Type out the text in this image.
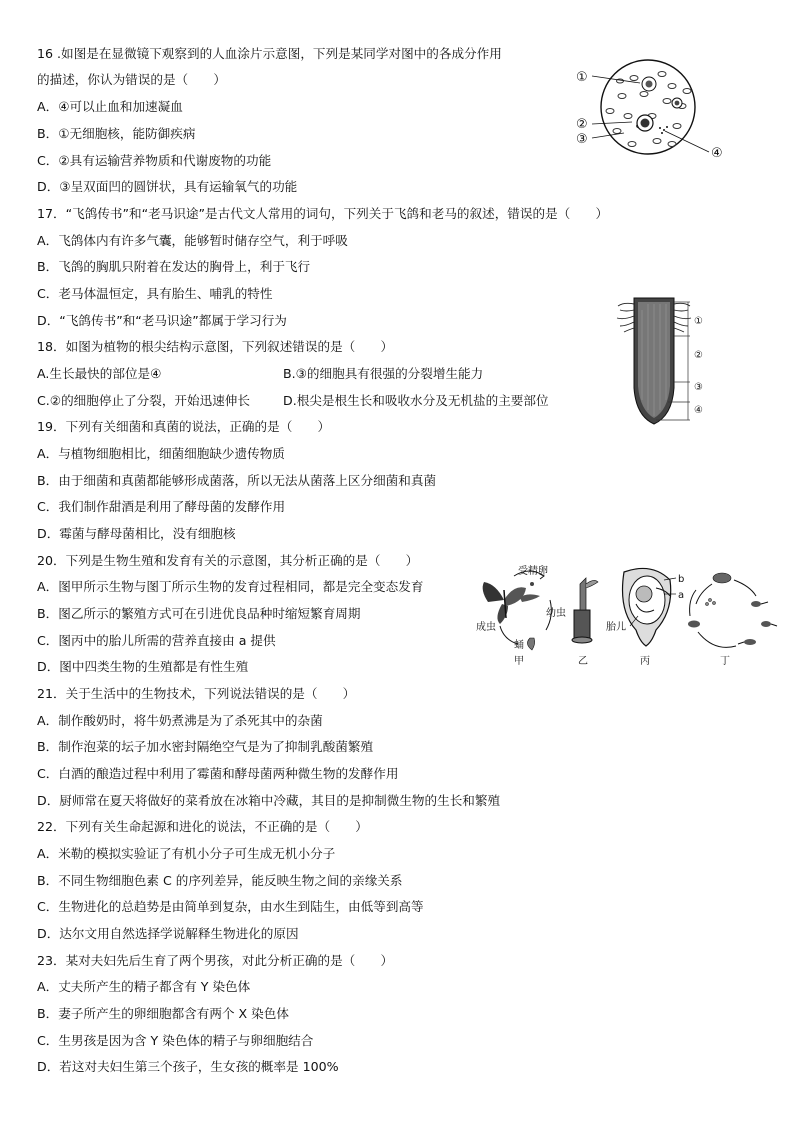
16 .如图是在显微镜下观察到的人血涂片示意图，下列是某同学对图中的各成分作用
的描述，你认为错误的是（　　）
A．④可以止血和加速凝血
B．①无细胞核，能防御疾病
C．②具有运输营养物质和代谢废物的功能
D．③呈双面凹的圆饼状，具有运输氧气的功能
①
②
③
④
17．“飞鸽传书”和“老马识途”是古代文人常用的词句，下列关于飞鸽和老马的叙述，错误的是（　　）
A．飞鸽体内有许多气囊，能够暂时储存空气，利于呼吸
B．飞鸽的胸肌只附着在发达的胸骨上，利于飞行
C．老马体温恒定，具有胎生、哺乳的特性
D．“飞鸽传书”和“老马识途”都属于学习行为	①
②
③
④
18．如图为植物的根尖结构示意图，下列叙述错误的是（　　）
A.生长最快的部位是④	B.③的细胞具有很强的分裂增生能力
C.②的细胞停止了分裂，开始迅速伸长	D.根尖是根生长和吸收水分及无机盐的主要部位
19．下列有关细菌和真菌的说法，正确的是（　　）
A．与植物细胞相比，细菌细胞缺少遗传物质
B．由于细菌和真菌都能够形成菌落，所以无法从菌落上区分细菌和真菌
C．我们制作甜酒是利用了酵母菌的发酵作用
D．霉菌与酵母菌相比，没有细胞核
20．下列是生物生殖和发育有关的示意图，其分析正确的是（　　）
A．图甲所示生物与图丁所示生物的发育过程相同，都是完全变态发育
B．图乙所示的繁殖方式可在引进优良品种时缩短繁育周期
C．图丙中的胎儿所需的营养直接由 a 提供
D．图中四类生物的生殖都是有性生殖
受精卵
成虫
幼虫
蛹
甲	乙
b
a
胎儿
丙	丁
21．关于生活中的生物技术，下列说法错误的是（　　）
A．制作酸奶时，将牛奶煮沸是为了杀死其中的杂菌
B．制作泡菜的坛子加水密封隔绝空气是为了抑制乳酸菌繁殖
C．白酒的酿造过程中利用了霉菌和酵母菌两种微生物的发酵作用
D．厨师常在夏天将做好的菜肴放在冰箱中冷藏，其目的是抑制微生物的生长和繁殖
22．下列有关生命起源和进化的说法，不正确的是（　　）
A．米勒的模拟实验证了有机小分子可生成无机小分子
B．不同生物细胞色素 C 的序列差异，能反映生物之间的亲缘关系
C．生物进化的总趋势是由简单到复杂，由水生到陆生，由低等到高等
D．达尔文用自然选择学说解释生物进化的原因
23．某对夫妇先后生育了两个男孩，对此分析正确的是（　　）
A．丈夫所产生的精子都含有 Y 染色体
B．妻子所产生的卵细胞都含有两个 X 染色体
C．生男孩是因为含 Y 染色体的精子与卵细胞结合
D．若这对夫妇生第三个孩子，生女孩的概率是 100%
